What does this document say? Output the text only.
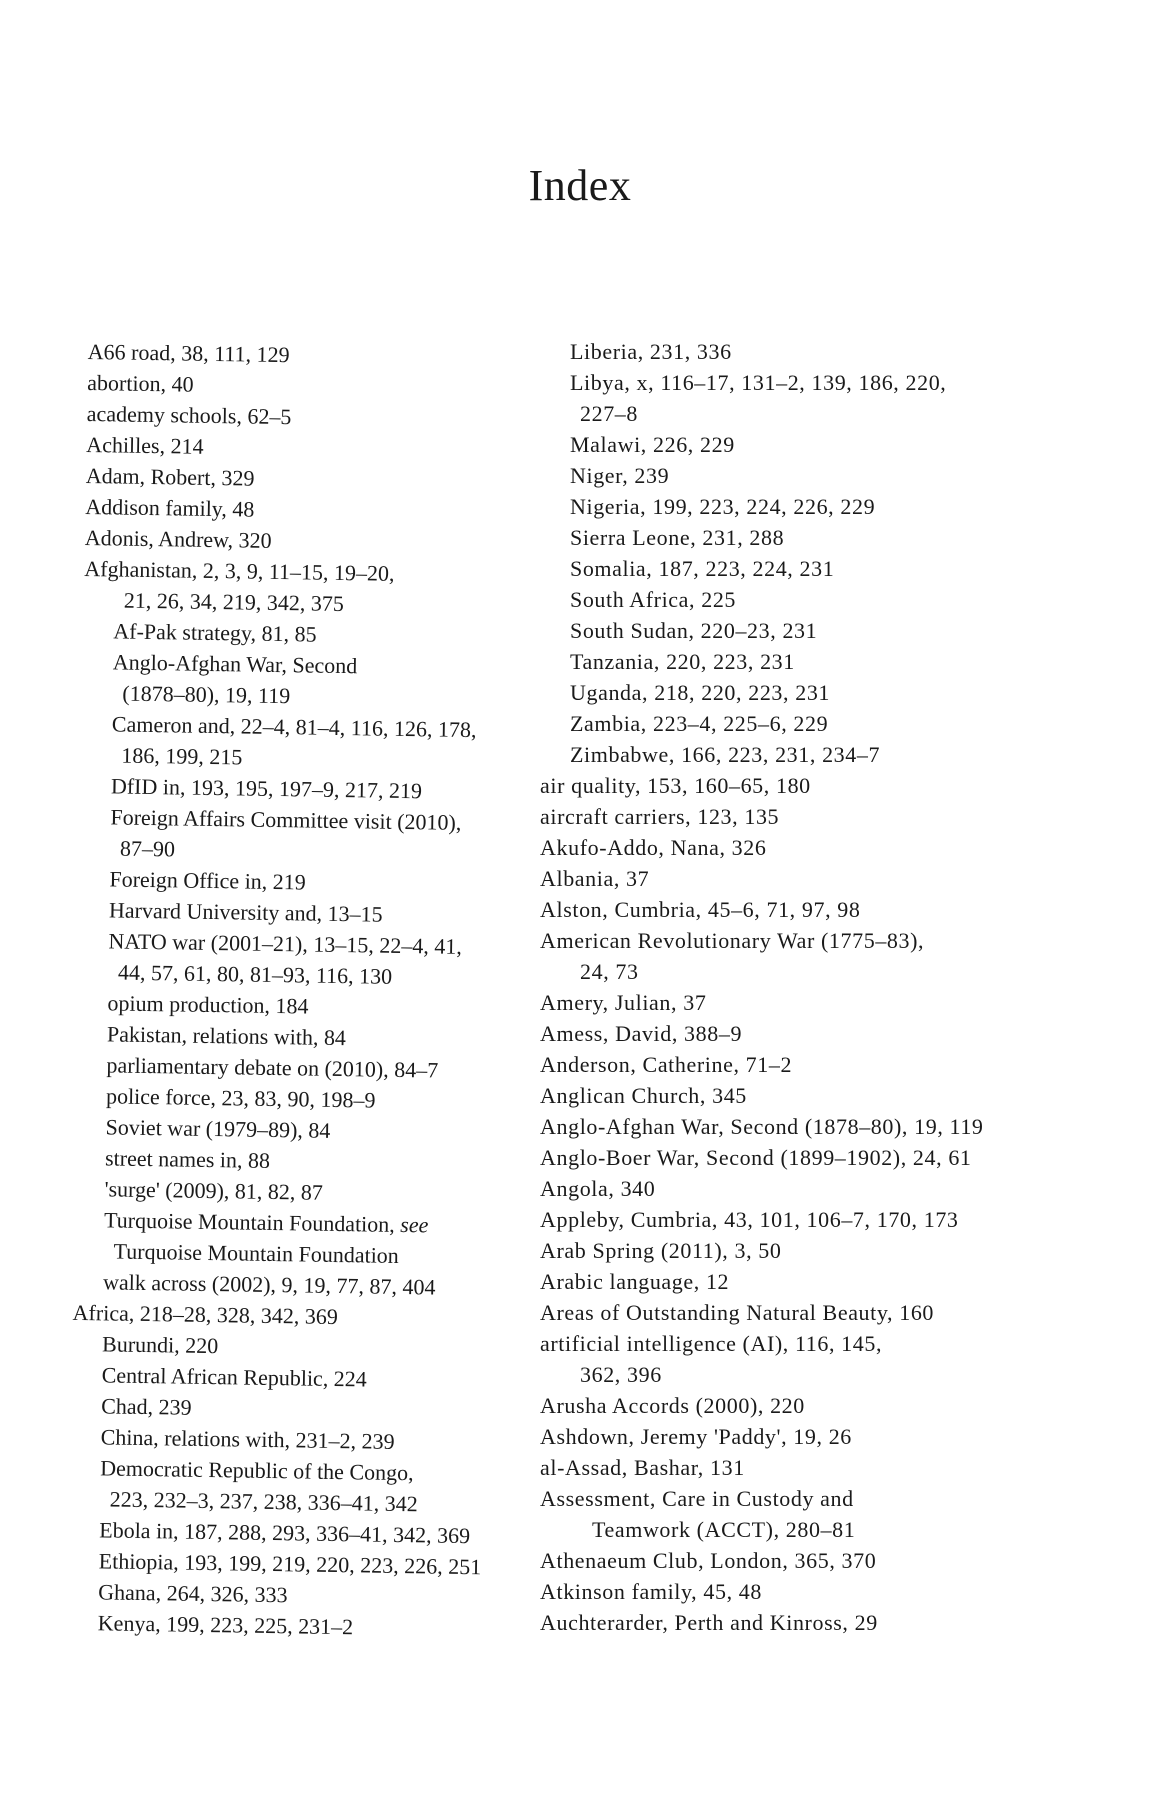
Index

A66 road, 38, 111, 129

abortion, 40

academy schools, 62–5

Achilles, 214

Adam, Robert, 329

Addison family, 48

Adonis, Andrew, 320

Afghanistan, 2, 3, 9, 11–15, 19–20,

21, 26, 34, 219, 342, 375

Af-Pak strategy, 81, 85

Anglo-Afghan War, Second

(1878–80), 19, 119

Cameron and, 22–4, 81–4, 116, 126, 178,

186, 199, 215

DfID in, 193, 195, 197–9, 217, 219

Foreign Affairs Committee visit (2010),

87–90

Foreign Office in, 219

Harvard University and, 13–15

NATO war (2001–21), 13–15, 22–4, 41,

44, 57, 61, 80, 81–93, 116, 130

opium production, 184

Pakistan, relations with, 84

parliamentary debate on (2010), 84–7

police force, 23, 83, 90, 198–9

Soviet war (1979–89), 84

street names in, 88

'surge' (2009), 81, 82, 87

Turquoise Mountain Foundation, see

Turquoise Mountain Foundation

walk across (2002), 9, 19, 77, 87, 404

Africa, 218–28, 328, 342, 369

Burundi, 220

Central African Republic, 224

Chad, 239

China, relations with, 231–2, 239

Democratic Republic of the Congo,

223, 232–3, 237, 238, 336–41, 342

Ebola in, 187, 288, 293, 336–41, 342, 369

Ethiopia, 193, 199, 219, 220, 223, 226, 251

Ghana, 264, 326, 333

Kenya, 199, 223, 225, 231–2

Liberia, 231, 336

Libya, x, 116–17, 131–2, 139, 186, 220,

227–8

Malawi, 226, 229

Niger, 239

Nigeria, 199, 223, 224, 226, 229

Sierra Leone, 231, 288

Somalia, 187, 223, 224, 231

South Africa, 225

South Sudan, 220–23, 231

Tanzania, 220, 223, 231

Uganda, 218, 220, 223, 231

Zambia, 223–4, 225–6, 229

Zimbabwe, 166, 223, 231, 234–7

air quality, 153, 160–65, 180

aircraft carriers, 123, 135

Akufo-Addo, Nana, 326

Albania, 37

Alston, Cumbria, 45–6, 71, 97, 98

American Revolutionary War (1775–83),

24, 73

Amery, Julian, 37

Amess, David, 388–9

Anderson, Catherine, 71–2

Anglican Church, 345

Anglo-Afghan War, Second (1878–80), 19, 119

Anglo-Boer War, Second (1899–1902), 24, 61

Angola, 340

Appleby, Cumbria, 43, 101, 106–7, 170, 173

Arab Spring (2011), 3, 50

Arabic language, 12

Areas of Outstanding Natural Beauty, 160

artificial intelligence (AI), 116, 145,

362, 396

Arusha Accords (2000), 220

Ashdown, Jeremy 'Paddy', 19, 26

al-Assad, Bashar, 131

Assessment, Care in Custody and

Teamwork (ACCT), 280–81

Athenaeum Club, London, 365, 370

Atkinson family, 45, 48

Auchterarder, Perth and Kinross, 29
